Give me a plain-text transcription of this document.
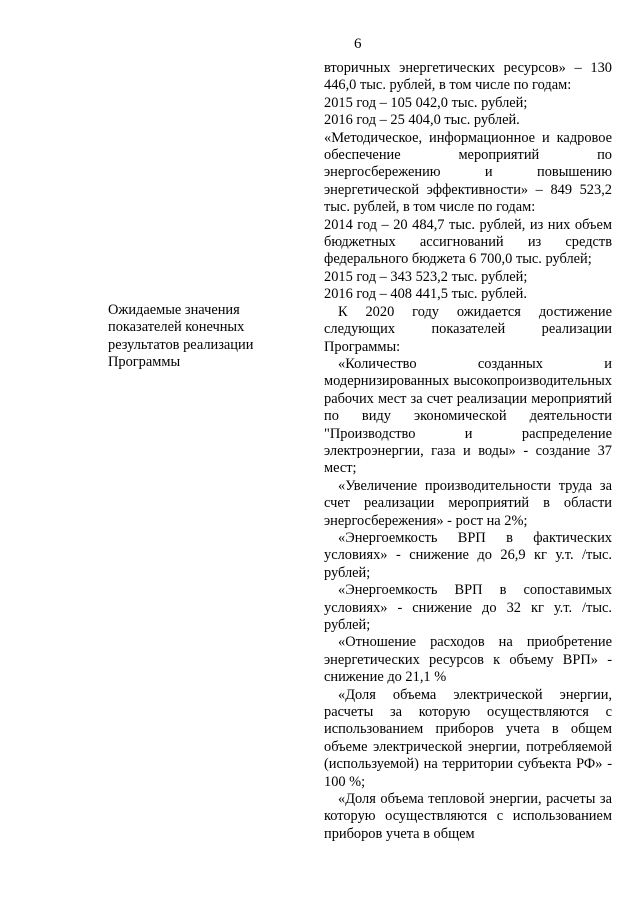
6
Ожидаемые значения показателей конечных результатов реализации Программы

вторичных энергетических ресурсов» – 130 446,0 тыс. рублей, в том числе по годам:

2015 год – 105 042,0 тыс. рублей;

2016 год – 25 404,0 тыс. рублей.

«Методическое, информационное и кадровое обеспечение мероприятий по энергосбережению и повышению энергетической эффективности» – 849 523,2 тыс. рублей, в том числе по годам:

2014 год – 20 484,7 тыс. рублей, из них объем бюджетных ассигнований из средств федерального бюджета 6 700,0 тыс. рублей;

2015 год – 343 523,2 тыс. рублей;

2016 год – 408 441,5 тыс. рублей.

К 2020 году ожидается достижение следующих показателей реализации Программы:

«Количество созданных и модернизированных высокопроизводительных рабочих мест за счет реализации мероприятий по виду экономической деятельности "Производство и распределение электроэнергии, газа и воды» - создание 37 мест;

«Увеличение производительности труда за счет реализации мероприятий в области энергосбережения» - рост на 2%;

«Энергоемкость ВРП в фактических условиях» - снижение до 26,9 кг у.т. /тыс. рублей;

«Энергоемкость ВРП в сопоставимых условиях» - снижение до 32 кг у.т. /тыс. рублей;

«Отношение расходов на приобретение энергетических ресурсов к объему ВРП» - снижение до 21,1 %

«Доля объема электрической энергии, расчеты за которую осуществляются с использованием приборов учета в общем объеме электрической энергии, потребляемой (используемой) на территории субъекта РФ» - 100 %;

«Доля объема тепловой энергии, расчеты за которую осуществляются с использованием приборов учета в общем
